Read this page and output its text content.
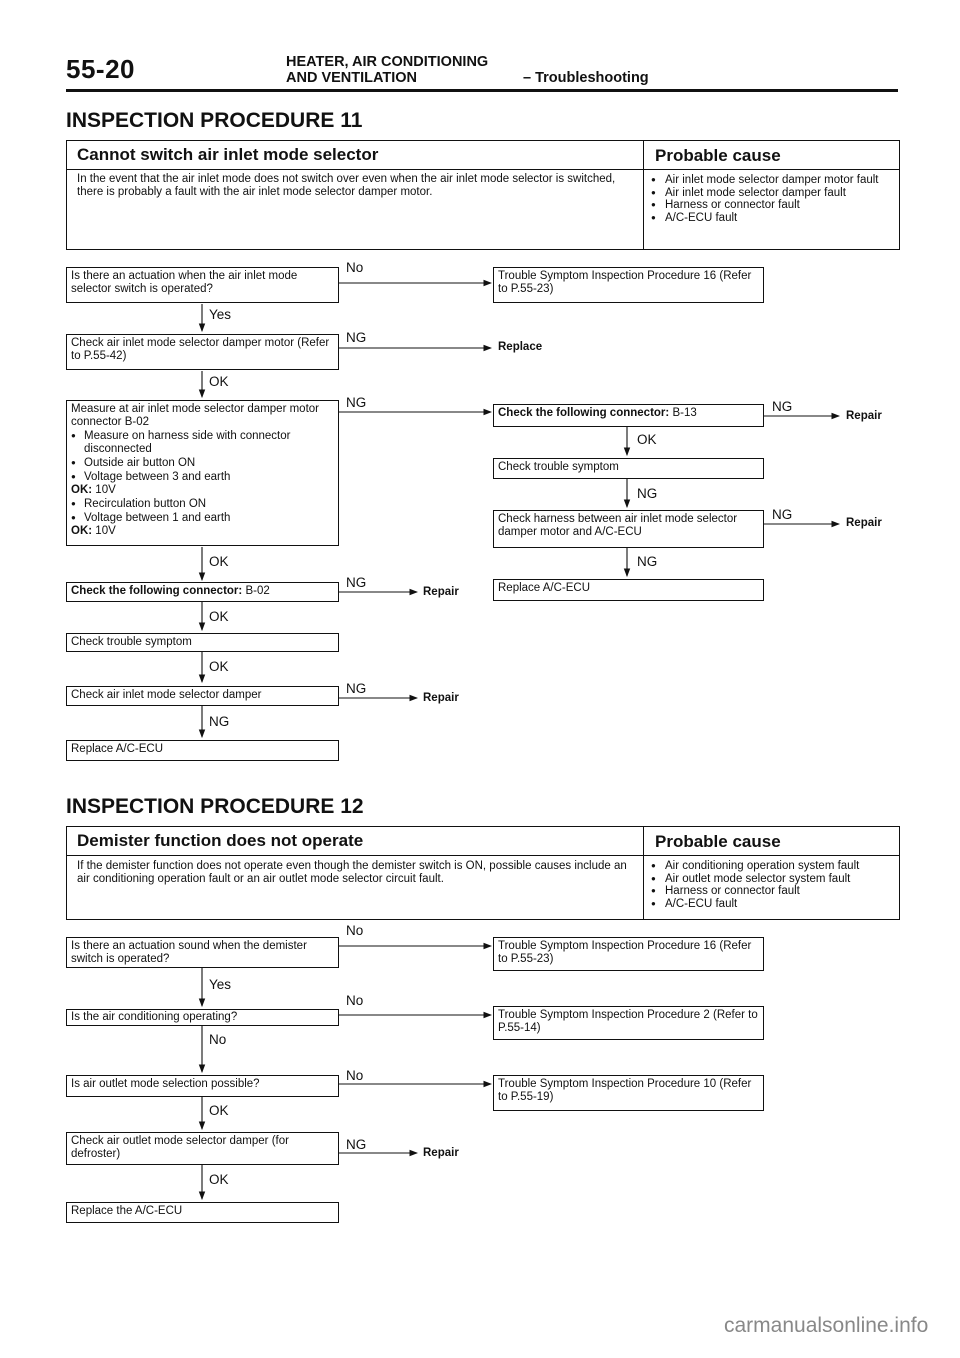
55-20	HEATER, AIR CONDITIONING
AND VENTILATION	– Troubleshooting
INSPECTION PROCEDURE 11
Cannot switch air inlet mode selector	Probable cause
In the event that the air inlet mode does not switch over even when the air inlet mode selector is switched, there is probably a fault with the air inlet mode selector damper motor.
● Air inlet mode selector damper motor fault
● Air inlet mode selector damper fault
● Harness or connector fault
● A/C-ECU fault
Is there an actuation when the air inlet mode selector switch is operated?
No
Trouble Symptom Inspection Procedure 16 (Refer to P.55-23)
Yes
Check air inlet mode selector damper motor (Refer to P.55-42)
NG
Replace
OK
Measure at air inlet mode selector damper motor connector B-02
● Measure on harness side with connector disconnected
● Outside air button ON
● Voltage between 3 and earth
OK: 10V
● Recirculation button ON
● Voltage between 1 and earth
OK: 10V
NG
OK
Check the following connector: B-13	NG
Repair
OK
Check trouble symptom
NG
Check harness between air inlet mode selector damper motor and A/C-ECU
NG
Repair
NG
Replace A/C-ECU
Check the following connector: B-02
NG
Repair
OK
Check trouble symptom
OK
Check air inlet mode selector damper	NG
Repair
NG
Replace A/C-ECU
INSPECTION PROCEDURE 12
Demister function does not operate	Probable cause
If the demister function does not operate even though the demister switch is ON, possible causes include an air conditioning operation fault or an air outlet mode selector circuit fault.
● Air conditioning operation system fault
● Air outlet mode selector system fault
● Harness or connector fault
● A/C-ECU fault
Is there an actuation sound when the demister switch is operated?
No
Trouble Symptom Inspection Procedure 16 (Refer to P.55-23)
Yes
Is the air conditioning operating?
No
Trouble Symptom Inspection Procedure 2 (Refer to P.55-14)
No
Is air outlet mode selection possible?
No
Trouble Symptom Inspection Procedure 10 (Refer to P.55-19)
OK
Check air outlet mode selector damper (for defroster)
NG
Repair
OK
Replace the A/C-ECU
carmanualsonline.info
